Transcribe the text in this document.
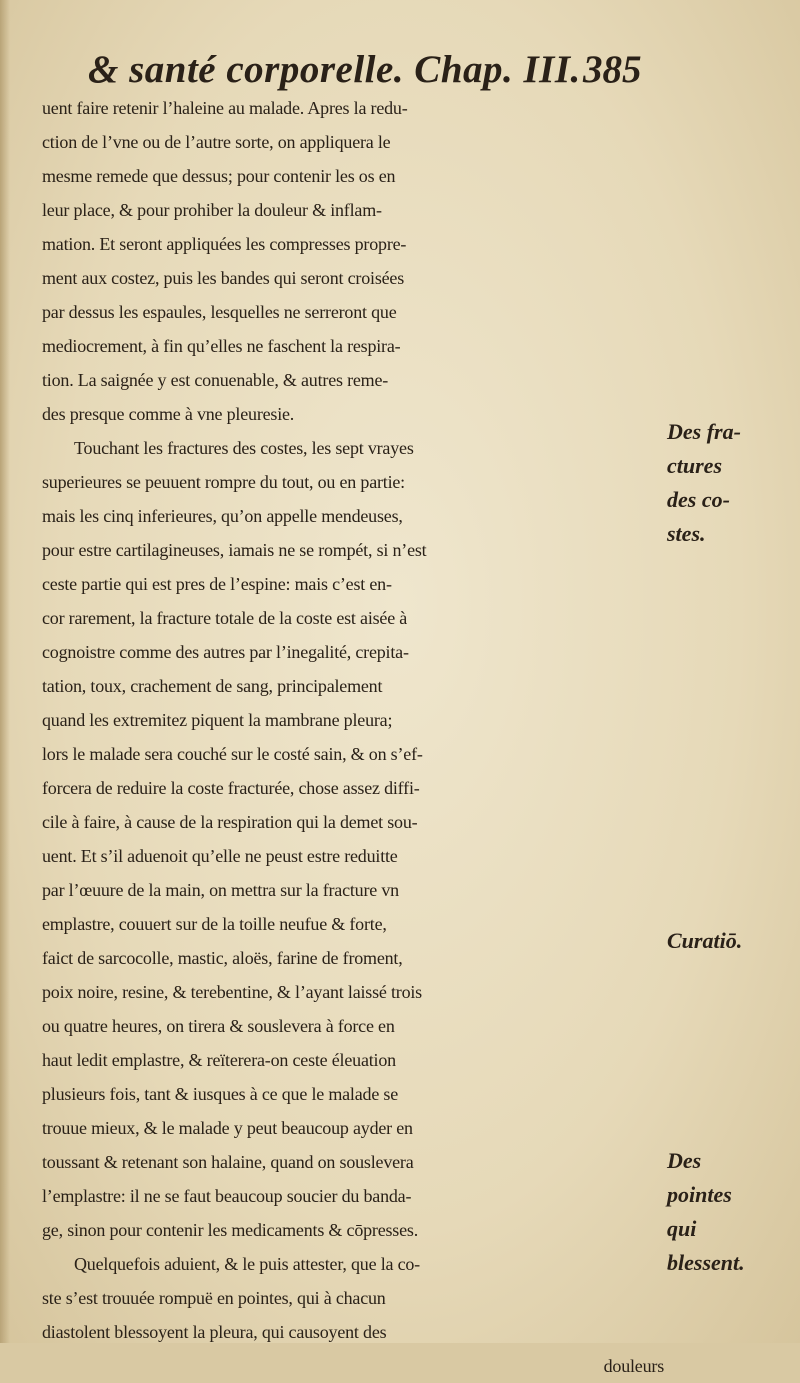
& santé corporelle. Chap. III. 385
uent faire retenir l’haleine au malade. Apres la redu-
ction de l’vne ou de l’autre sorte, on appliquera le
mesme remede que dessus; pour contenir les os en
leur place, & pour prohiber la douleur & inflam-
mation. Et seront appliquées les compresses propre-
ment aux costez, puis les bandes qui seront croisées
par dessus les espaules, lesquelles ne serreront que
mediocrement, à fin qu’elles ne faschent la respira-
tion. La saignée y est conuenable, & autres reme-
des presque comme à vne pleuresie.
Touchant les fractures des costes, les sept vrayes
superieures se peuuent rompre du tout, ou en partie:
mais les cinq inferieures, qu’on appelle mendeuses,
pour estre cartilagineuses, iamais ne se rompét, si n’est
ceste partie qui est pres de l’espine: mais c’est en-
cor rarement, la fracture totale de la coste est aisée à
cognoistre comme des autres par l’inegalité, crepita-
tation, toux, crachement de sang, principalement
quand les extremitez piquent la mambrane pleura;
lors le malade sera couché sur le costé sain, & on s’ef-
forcera de reduire la coste fracturée, chose assez diffi-
cile à faire, à cause de la respiration qui la demet sou-
uent. Et s’il aduenoit qu’elle ne peust estre reduitte
par l’œuure de la main, on mettra sur la fracture vn
emplastre, couuert sur de la toille neufue & forte,
faict de sarcocolle, mastic, aloës, farine de froment,
poix noire, resine, & terebentine, & l’ayant laissé trois
ou quatre heures, on tirera & souslevera à force en
haut ledit emplastre, & reïterera-on ceste éleuation
plusieurs fois, tant & iusques à ce que le malade se
trouue mieux, & le malade y peut beaucoup ayder en
toussant & retenant son halaine, quand on souslevera
l’emplastre: il ne se faut beaucoup soucier du banda-
ge, sinon pour contenir les medicaments & cōpresses.
Quelquefois aduient, & le puis attester, que la co-
ste s’est trouuée rompuë en pointes, qui à chacun
diastolent blessoyent la pleura, qui causoyent des
douleurs
Des fra-
ctures
des co-
stes.
Curatiō.
Des
pointes
qui
blessent.
